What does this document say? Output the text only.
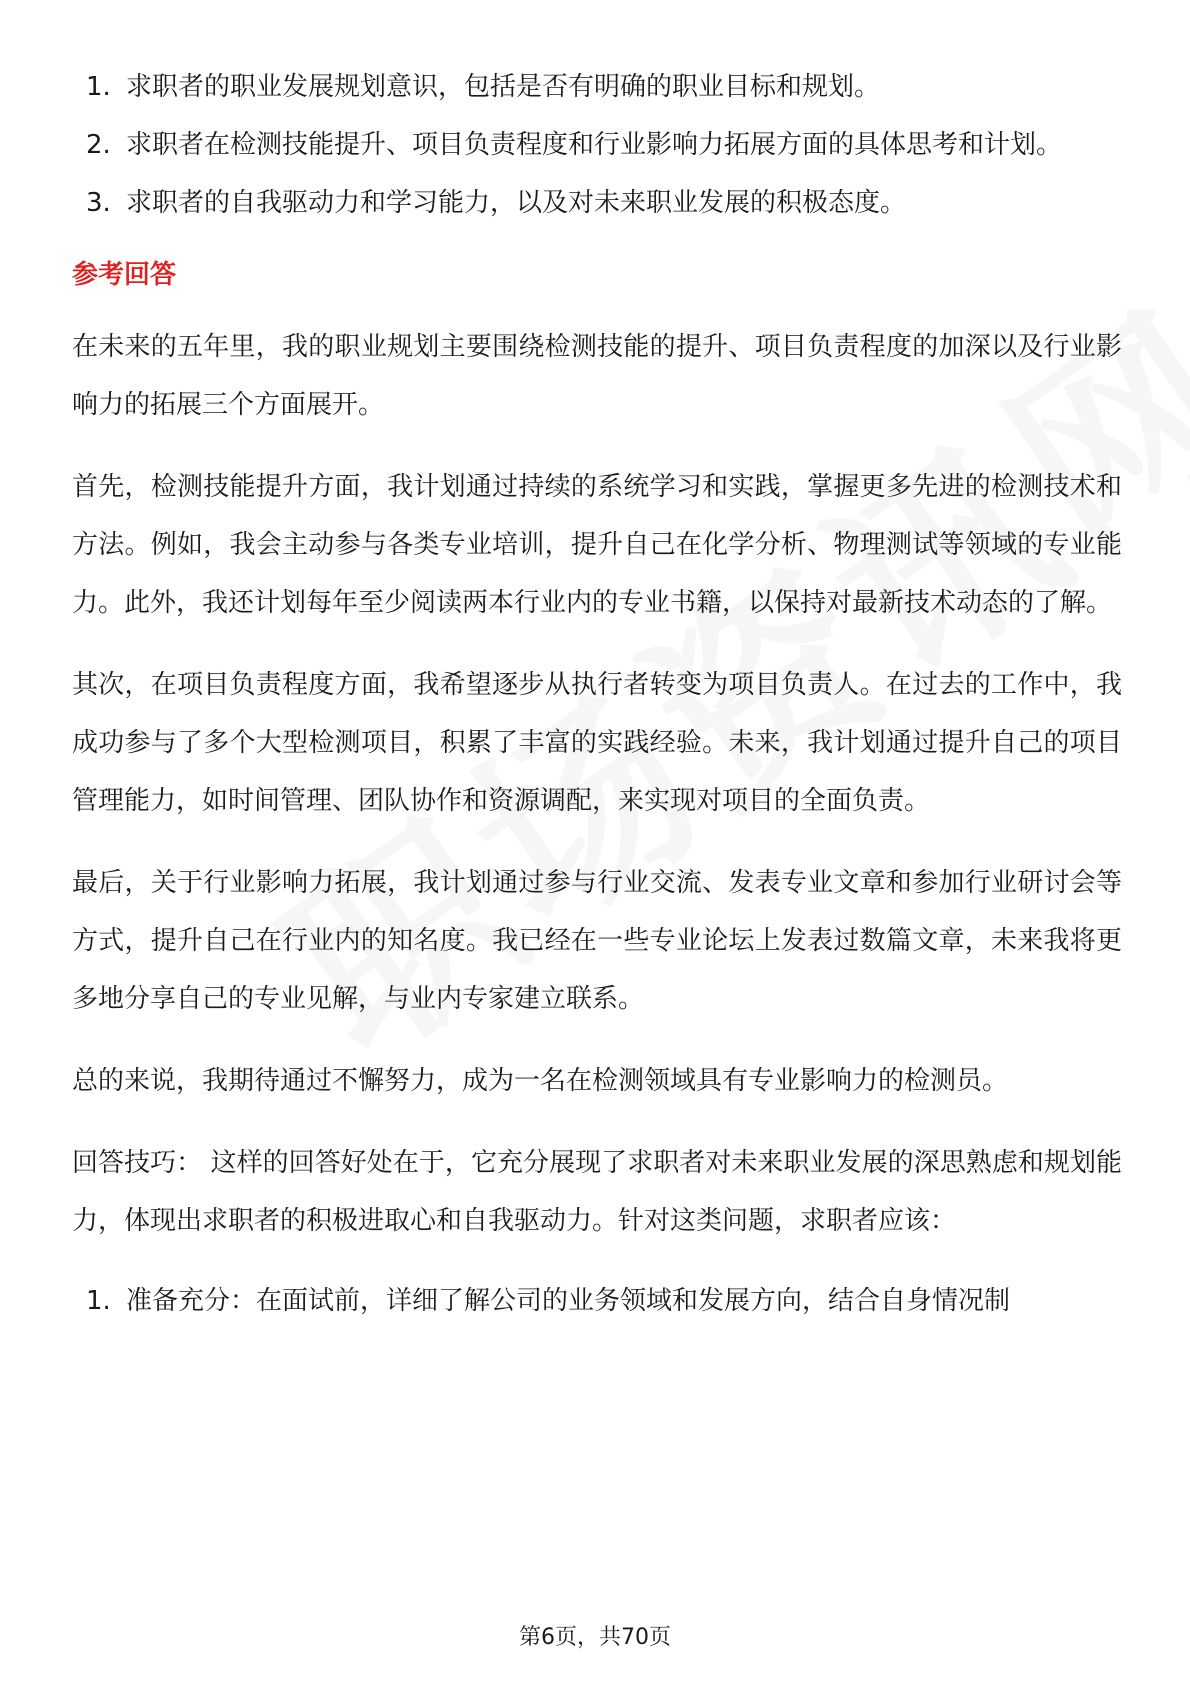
1. 求职者的职业发展规划意识，包括是否有明确的职业目标和规划。
2. 求职者在检测技能提升、项目负责程度和行业影响力拓展方面的具体思考和计划。
3. 求职者的自我驱动力和学习能力，以及对未来职业发展的积极态度。
参考回答

在未来的五年里，我的职业规划主要围绕检测技能的提升、项目负责程度的加深以及行业影响力的拓展三个方面展开。

首先，检测技能提升方面，我计划通过持续的系统学习和实践，掌握更多先进的检测技术和方法。例如，我会主动参与各类专业培训，提升自己在化学分析、物理测试等领域的专业能力。此外，我还计划每年至少阅读两本行业内的专业书籍，以保持对最新技术动态的了解。

其次，在项目负责程度方面，我希望逐步从执行者转变为项目负责人。在过去的工作中，我成功参与了多个大型检测项目，积累了丰富的实践经验。未来，我计划通过提升自己的项目管理能力，如时间管理、团队协作和资源调配，来实现对项目的全面负责。

最后，关于行业影响力拓展，我计划通过参与行业交流、发表专业文章和参加行业研讨会等方式，提升自己在行业内的知名度。我已经在一些专业论坛上发表过数篇文章，未来我将更多地分享自己的专业见解，与业内专家建立联系。

总的来说，我期待通过不懈努力，成为一名在检测领域具有专业影响力的检测员。

回答技巧： 这样的回答好处在于，它充分展现了求职者对未来职业发展的深思熟虑和规划能力，体现出求职者的积极进取心和自我驱动力。针对这类问题，求职者应该：

1. 准备充分：在面试前，详细了解公司的业务领域和发展方向，结合自身情况制
第6页，共70页
